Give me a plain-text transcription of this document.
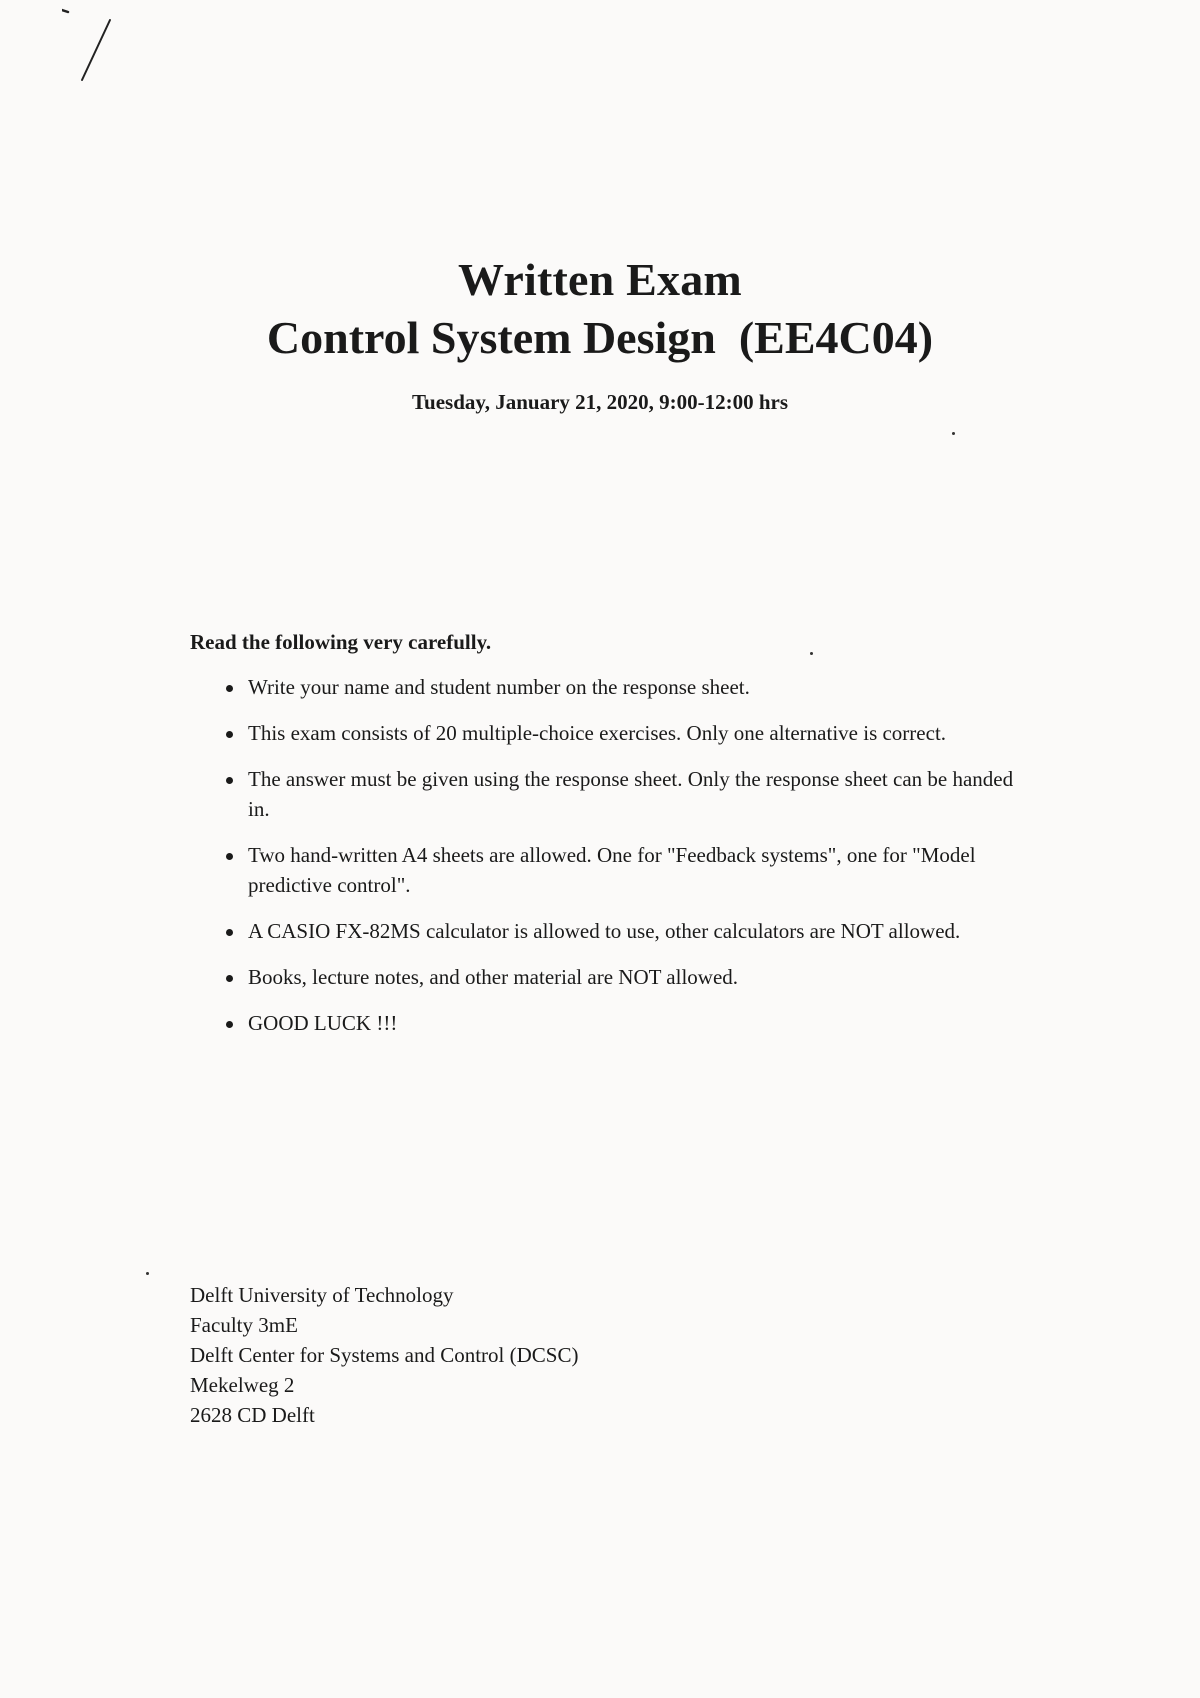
Written Exam
Control System Design  (EE4C04)
Tuesday, January 21, 2020, 9:00-12:00 hrs

Read the following very carefully.

Write your name and student number on the response sheet.
This exam consists of 20 multiple-choice exercises. Only one alternative is correct.
The answer must be given using the response sheet. Only the response sheet can be handed in.
Two hand-written A4 sheets are allowed. One for "Feedback systems", one for "Model predictive control".
A CASIO FX-82MS calculator is allowed to use, other calculators are NOT allowed.
Books, lecture notes, and other material are NOT allowed.
GOOD LUCK !!!
Delft University of Technology
Faculty 3mE
Delft Center for Systems and Control (DCSC)
Mekelweg 2
2628 CD Delft
